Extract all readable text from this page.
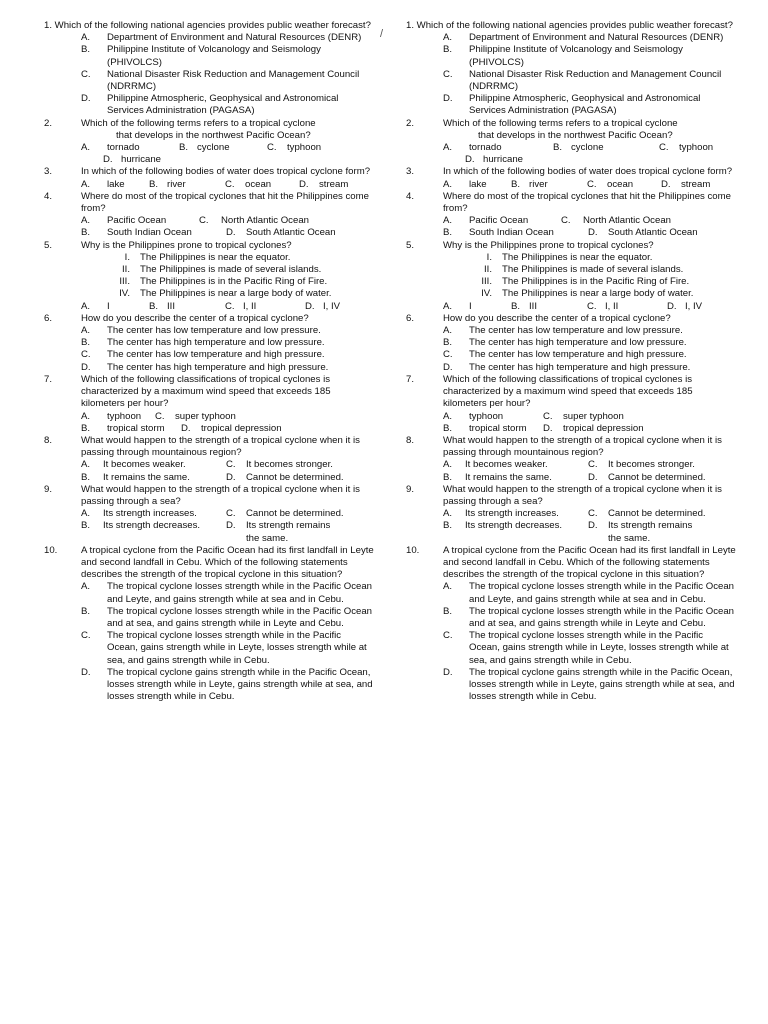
/
1. Which of the following national agencies provides public weather forecast?
A. Department of Environment and Natural Resources (DENR)
B. Philippine Institute of Volcanology and Seismology (PHIVOLCS)
C. National Disaster Risk Reduction and Management Council (NDRRMC)
D. Philippine Atmospheric, Geophysical and Astronomical Services Administration (PAGASA)
2.	Which of the following terms refers to a tropical cyclone
that develops in the northwest Pacific Ocean?
A. tornado	B. cyclone	C. typhoon
D. hurricane
3.	In which of the following bodies of water does tropical cyclone form?
A. lake	B. river	C. ocean	D. stream
4.	Where do most of the tropical cyclones that hit the Philippines come from?
A. Pacific Ocean	C. North Atlantic Ocean
B. South Indian Ocean	D. South Atlantic Ocean
5.	Why is the Philippines prone to tropical cyclones?
I.	The Philippines is near the equator.
II.	The Philippines is made of several islands.
III.	The Philippines is in the Pacific Ring of Fire.
IV.	The Philippines is near a large body of water.
A. I	B. III	C. I, II	D. I, IV
6.	How do you describe the center of a tropical cyclone?
A. The center has low temperature and low pressure.
B. The center has high temperature and low pressure.
C. The center has low temperature and high pressure.
D. The center has high temperature and high pressure.
7.	Which of the following classifications of tropical cyclones is characterized by a maximum wind speed that exceeds 185 kilometers per hour?
A. typhoon	C. super typhoon
B. tropical storm	D. tropical depression
8.	What would happen to the strength of a tropical cyclone when it is passing through mountainous region?
A. It becomes weaker.	C. It becomes stronger.
B. It remains the same.	D. Cannot be determined.
9.	What would happen to the strength of a tropical cyclone when it is passing through a sea?
A. Its strength increases.	C. Cannot be determined.
B. Its strength decreases.	D. Its strength remains
the same.
10. A tropical cyclone from the Pacific Ocean had its first landfall in Leyte and second landfall in Cebu. Which of the following statements describes the strength of the tropical cyclone in this situation?
A. The tropical cyclone losses strength while in the Pacific Ocean and Leyte, and gains strength while at sea and in Cebu.
B. The tropical cyclone losses strength while in the Pacific Ocean and at sea, and gains strength while in Leyte and Cebu.
C. The tropical cyclone losses strength while in the Pacific Ocean, gains strength while in Leyte, losses strength while at sea, and gains strength while in Cebu.
D. The tropical cyclone gains strength while in the Pacific Ocean, losses strength while in Leyte, gains strength while at sea, and losses strength while in Cebu.
1. Which of the following national agencies provides public weather forecast?
A. Department of Environment and Natural Resources (DENR)
B. Philippine Institute of Volcanology and Seismology (PHIVOLCS)
C. National Disaster Risk Reduction and Management Council (NDRRMC)
D. Philippine Atmospheric, Geophysical and Astronomical Services Administration (PAGASA)
2.	Which of the following terms refers to a tropical cyclone
that develops in the northwest Pacific Ocean?
A. tornado	B. cyclone	C. typhoon
D. hurricane
3.	In which of the following bodies of water does tropical cyclone form?
A. lake	B. river	C. ocean	D. stream
4.	Where do most of the tropical cyclones that hit the Philippines come from?
A. Pacific Ocean	C. North Atlantic Ocean
B. South Indian Ocean	D. South Atlantic Ocean
5.	Why is the Philippines prone to tropical cyclones?
I.	The Philippines is near the equator.
II.	The Philippines is made of several islands.
III.	The Philippines is in the Pacific Ring of Fire.
IV.	The Philippines is near a large body of water.
A. I	B. III	C. I, II	D. I, IV
6.	How do you describe the center of a tropical cyclone?
A. The center has low temperature and low pressure.
B. The center has high temperature and low pressure.
C. The center has low temperature and high pressure.
D. The center has high temperature and high pressure.
7.	Which of the following classifications of tropical cyclones is characterized by a maximum wind speed that exceeds 185 kilometers per hour?
A. typhoon	C. super typhoon
B. tropical storm	D. tropical depression
8.	What would happen to the strength of a tropical cyclone when it is passing through mountainous region?
A. It becomes weaker.	C. It becomes stronger.
B. It remains the same.	D. Cannot be determined.
9.	What would happen to the strength of a tropical cyclone when it is passing through a sea?
A. Its strength increases.	C. Cannot be determined.
B. Its strength decreases.	D. Its strength remains
the same.
10. A tropical cyclone from the Pacific Ocean had its first landfall in Leyte and second landfall in Cebu. Which of the following statements describes the strength of the tropical cyclone in this situation?
A. The tropical cyclone losses strength while in the Pacific Ocean and Leyte, and gains strength while at sea and in Cebu.
B. The tropical cyclone losses strength while in the Pacific Ocean and at sea, and gains strength while in Leyte and Cebu.
C. The tropical cyclone losses strength while in the Pacific Ocean, gains strength while in Leyte, losses strength while at sea, and gains strength while in Cebu.
D. The tropical cyclone gains strength while in the Pacific Ocean, losses strength while in Leyte, gains strength while at sea, and losses strength while in Cebu.
